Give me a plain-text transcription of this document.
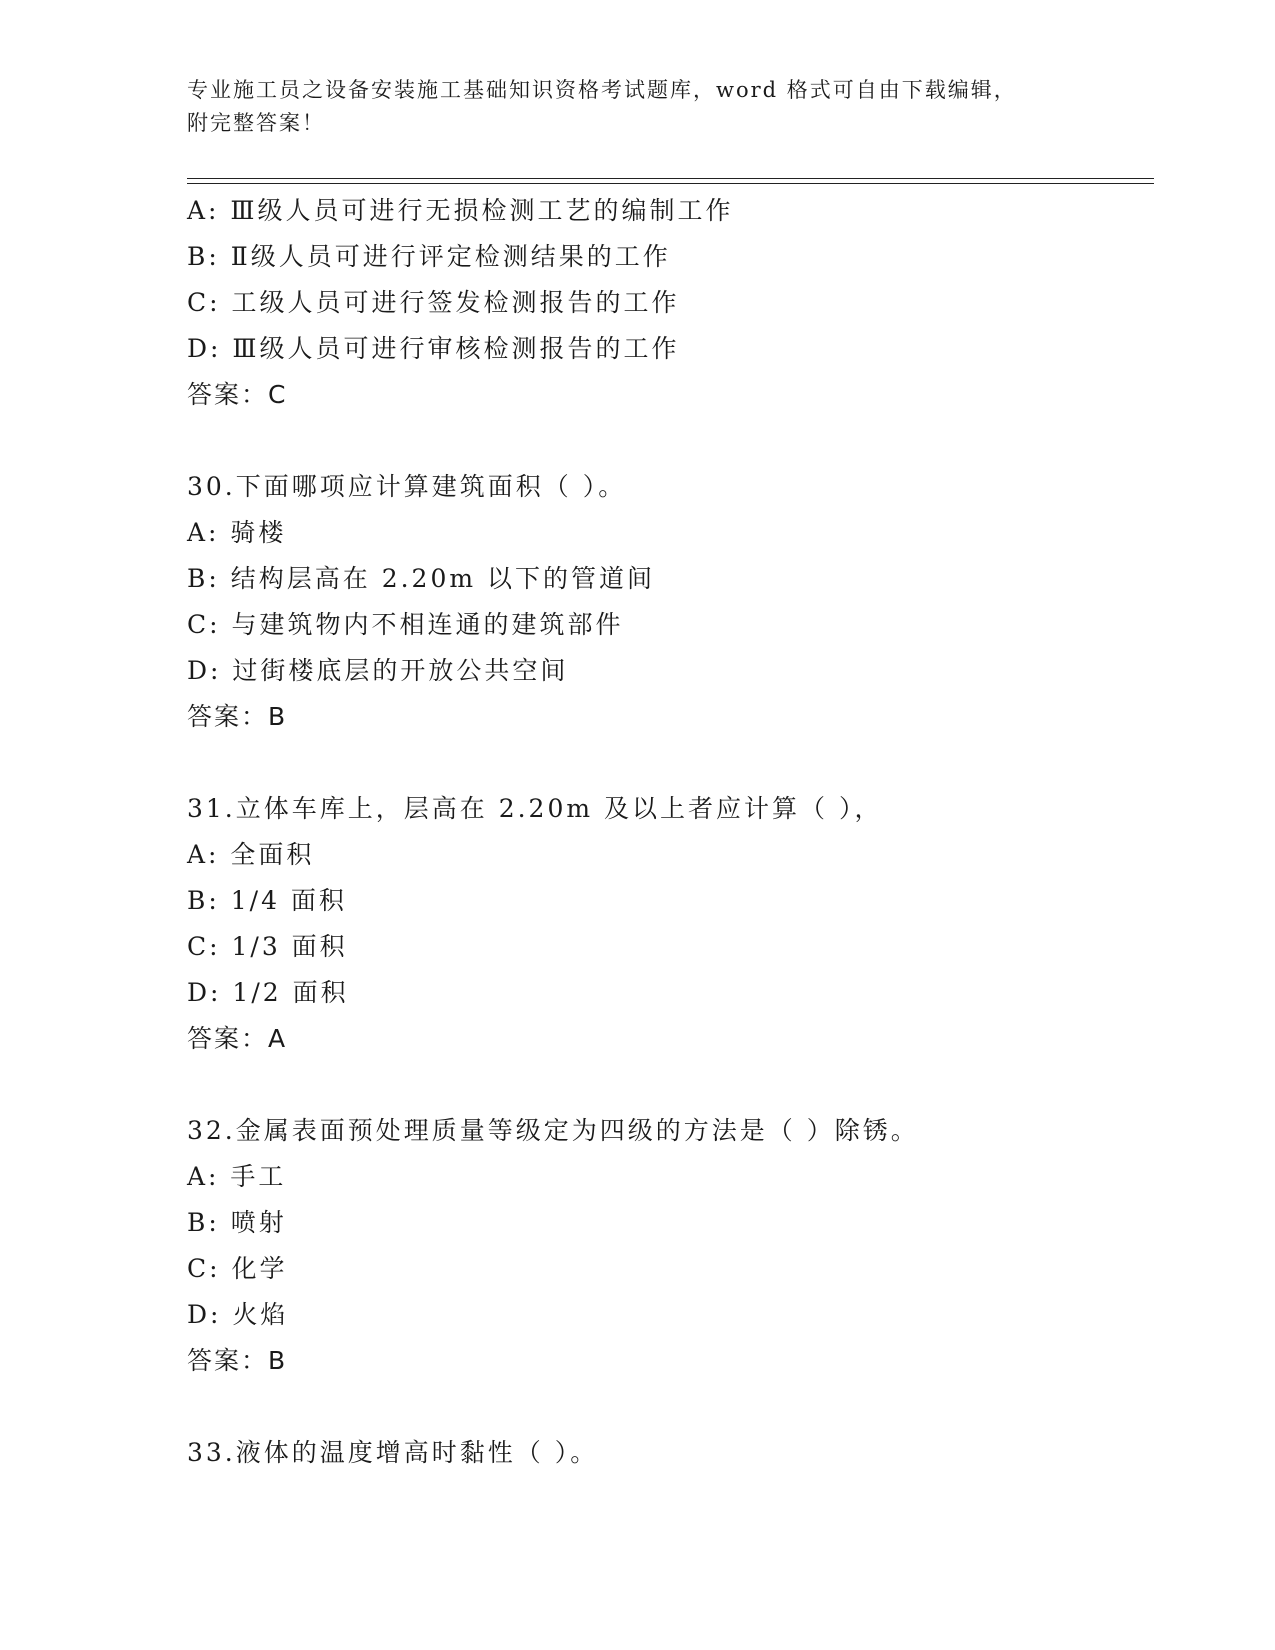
专业施工员之设备安装施工基础知识资格考试题库，word 格式可自由下载编辑，
附完整答案！
A: Ⅲ级人员可进行无损检测工艺的编制工作
B: Ⅱ级人员可进行评定检测结果的工作
C: 工级人员可进行签发检测报告的工作
D: Ⅲ级人员可进行审核检测报告的工作
答案：C
30.下面哪项应计算建筑面积（ ）。
A: 骑楼
B: 结构层高在 2.20m 以下的管道间
C: 与建筑物内不相连通的建筑部件
D: 过街楼底层的开放公共空间
答案：B
31.立体车库上，层高在 2.20m 及以上者应计算（ ），
A: 全面积
B: 1/4 面积
C: 1/3 面积
D: 1/2 面积
答案：A
32.金属表面预处理质量等级定为四级的方法是（ ）除锈。
A: 手工
B: 喷射
C: 化学
D: 火焰
答案：B
33.液体的温度增高时黏性（ ）。
